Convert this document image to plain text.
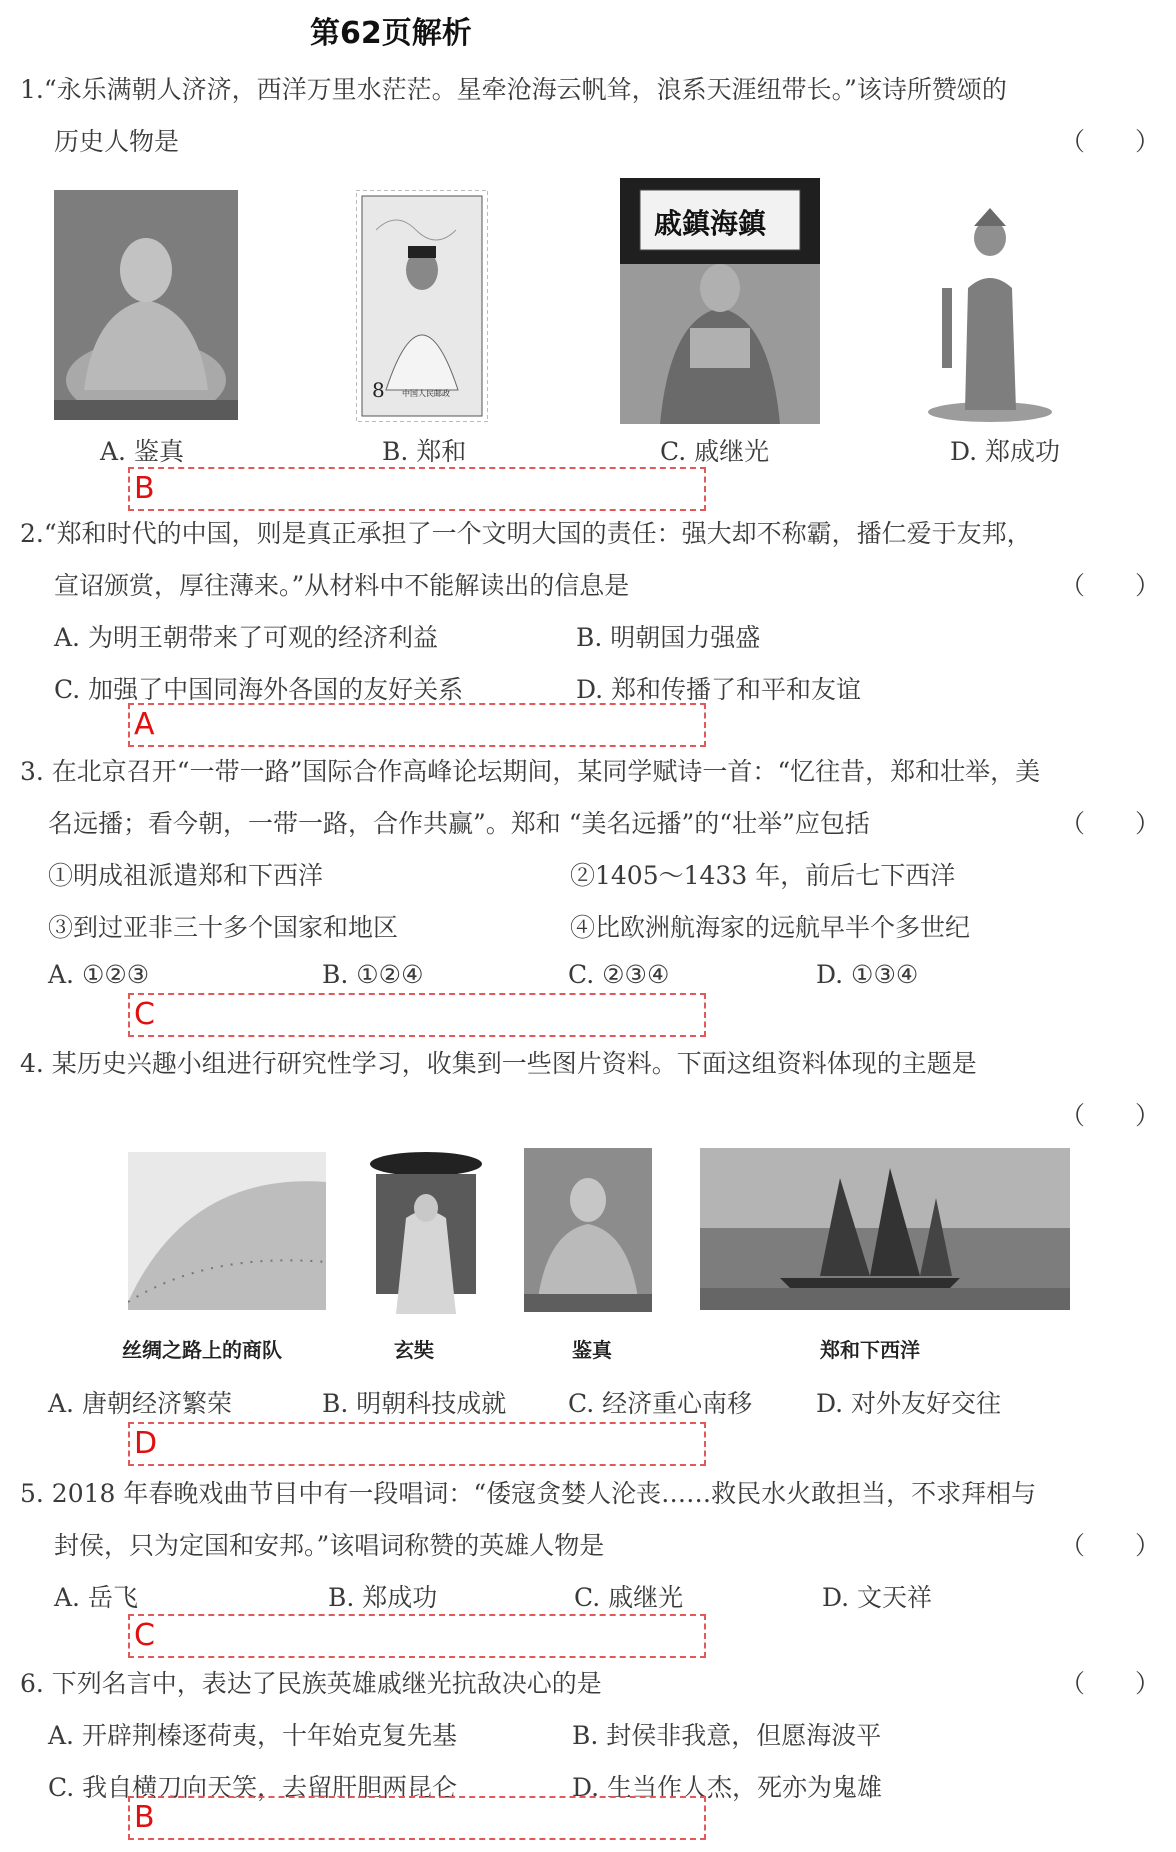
第62页解析
1.“永乐满朝人济济，西洋万里水茫茫。星牵沧海云帆耸，浪系天涯纽带长。”该诗所赞颂的
历史人物是	（　　）
8 中国人民邮政
戚鎮海鎮
A. 鉴真	B. 郑和	C. 戚继光	D. 郑成功
B
2.“郑和时代的中国，则是真正承担了一个文明大国的责任：强大却不称霸，播仁爱于友邦，
宣诏颁赏，厚往薄来。”从材料中不能解读出的信息是	（　　）
A. 为明王朝带来了可观的经济利益	B. 明朝国力强盛
C. 加强了中国同海外各国的友好关系	D. 郑和传播了和平和友谊
A
3. 在北京召开“一带一路”国际合作高峰论坛期间，某同学赋诗一首：“忆往昔，郑和壮举，美
名远播；看今朝，一带一路，合作共赢”。郑和 “美名远播”的“壮举”应包括	（　　）
①明成祖派遣郑和下西洋	②1405～1433 年，前后七下西洋
③到过亚非三十多个国家和地区	④比欧洲航海家的远航早半个多世纪
A. ①②③	B. ①②④	C. ②③④	D. ①③④
C
4. 某历史兴趣小组进行研究性学习，收集到一些图片资料。下面这组资料体现的主题是
（　　）
丝绸之路上的商队	玄奘	鉴真	郑和下西洋
A. 唐朝经济繁荣	B. 明朝科技成就 C. 经济重心南移	D. 对外友好交往
D
5. 2018 年春晚戏曲节目中有一段唱词：“倭寇贪婪人沦丧……救民水火敢担当，不求拜相与
封侯，只为定国和安邦。”该唱词称赞的英雄人物是	（　　）
A. 岳飞	B. 郑成功	C. 戚继光	D. 文天祥
C
6. 下列名言中，表达了民族英雄戚继光抗敌决心的是	（　　）
A. 开辟荆榛逐荷夷，十年始克复先基	B. 封侯非我意，但愿海波平
C. 我自横刀向天笑，去留肝胆两昆仑	D. 生当作人杰，死亦为鬼雄
B
